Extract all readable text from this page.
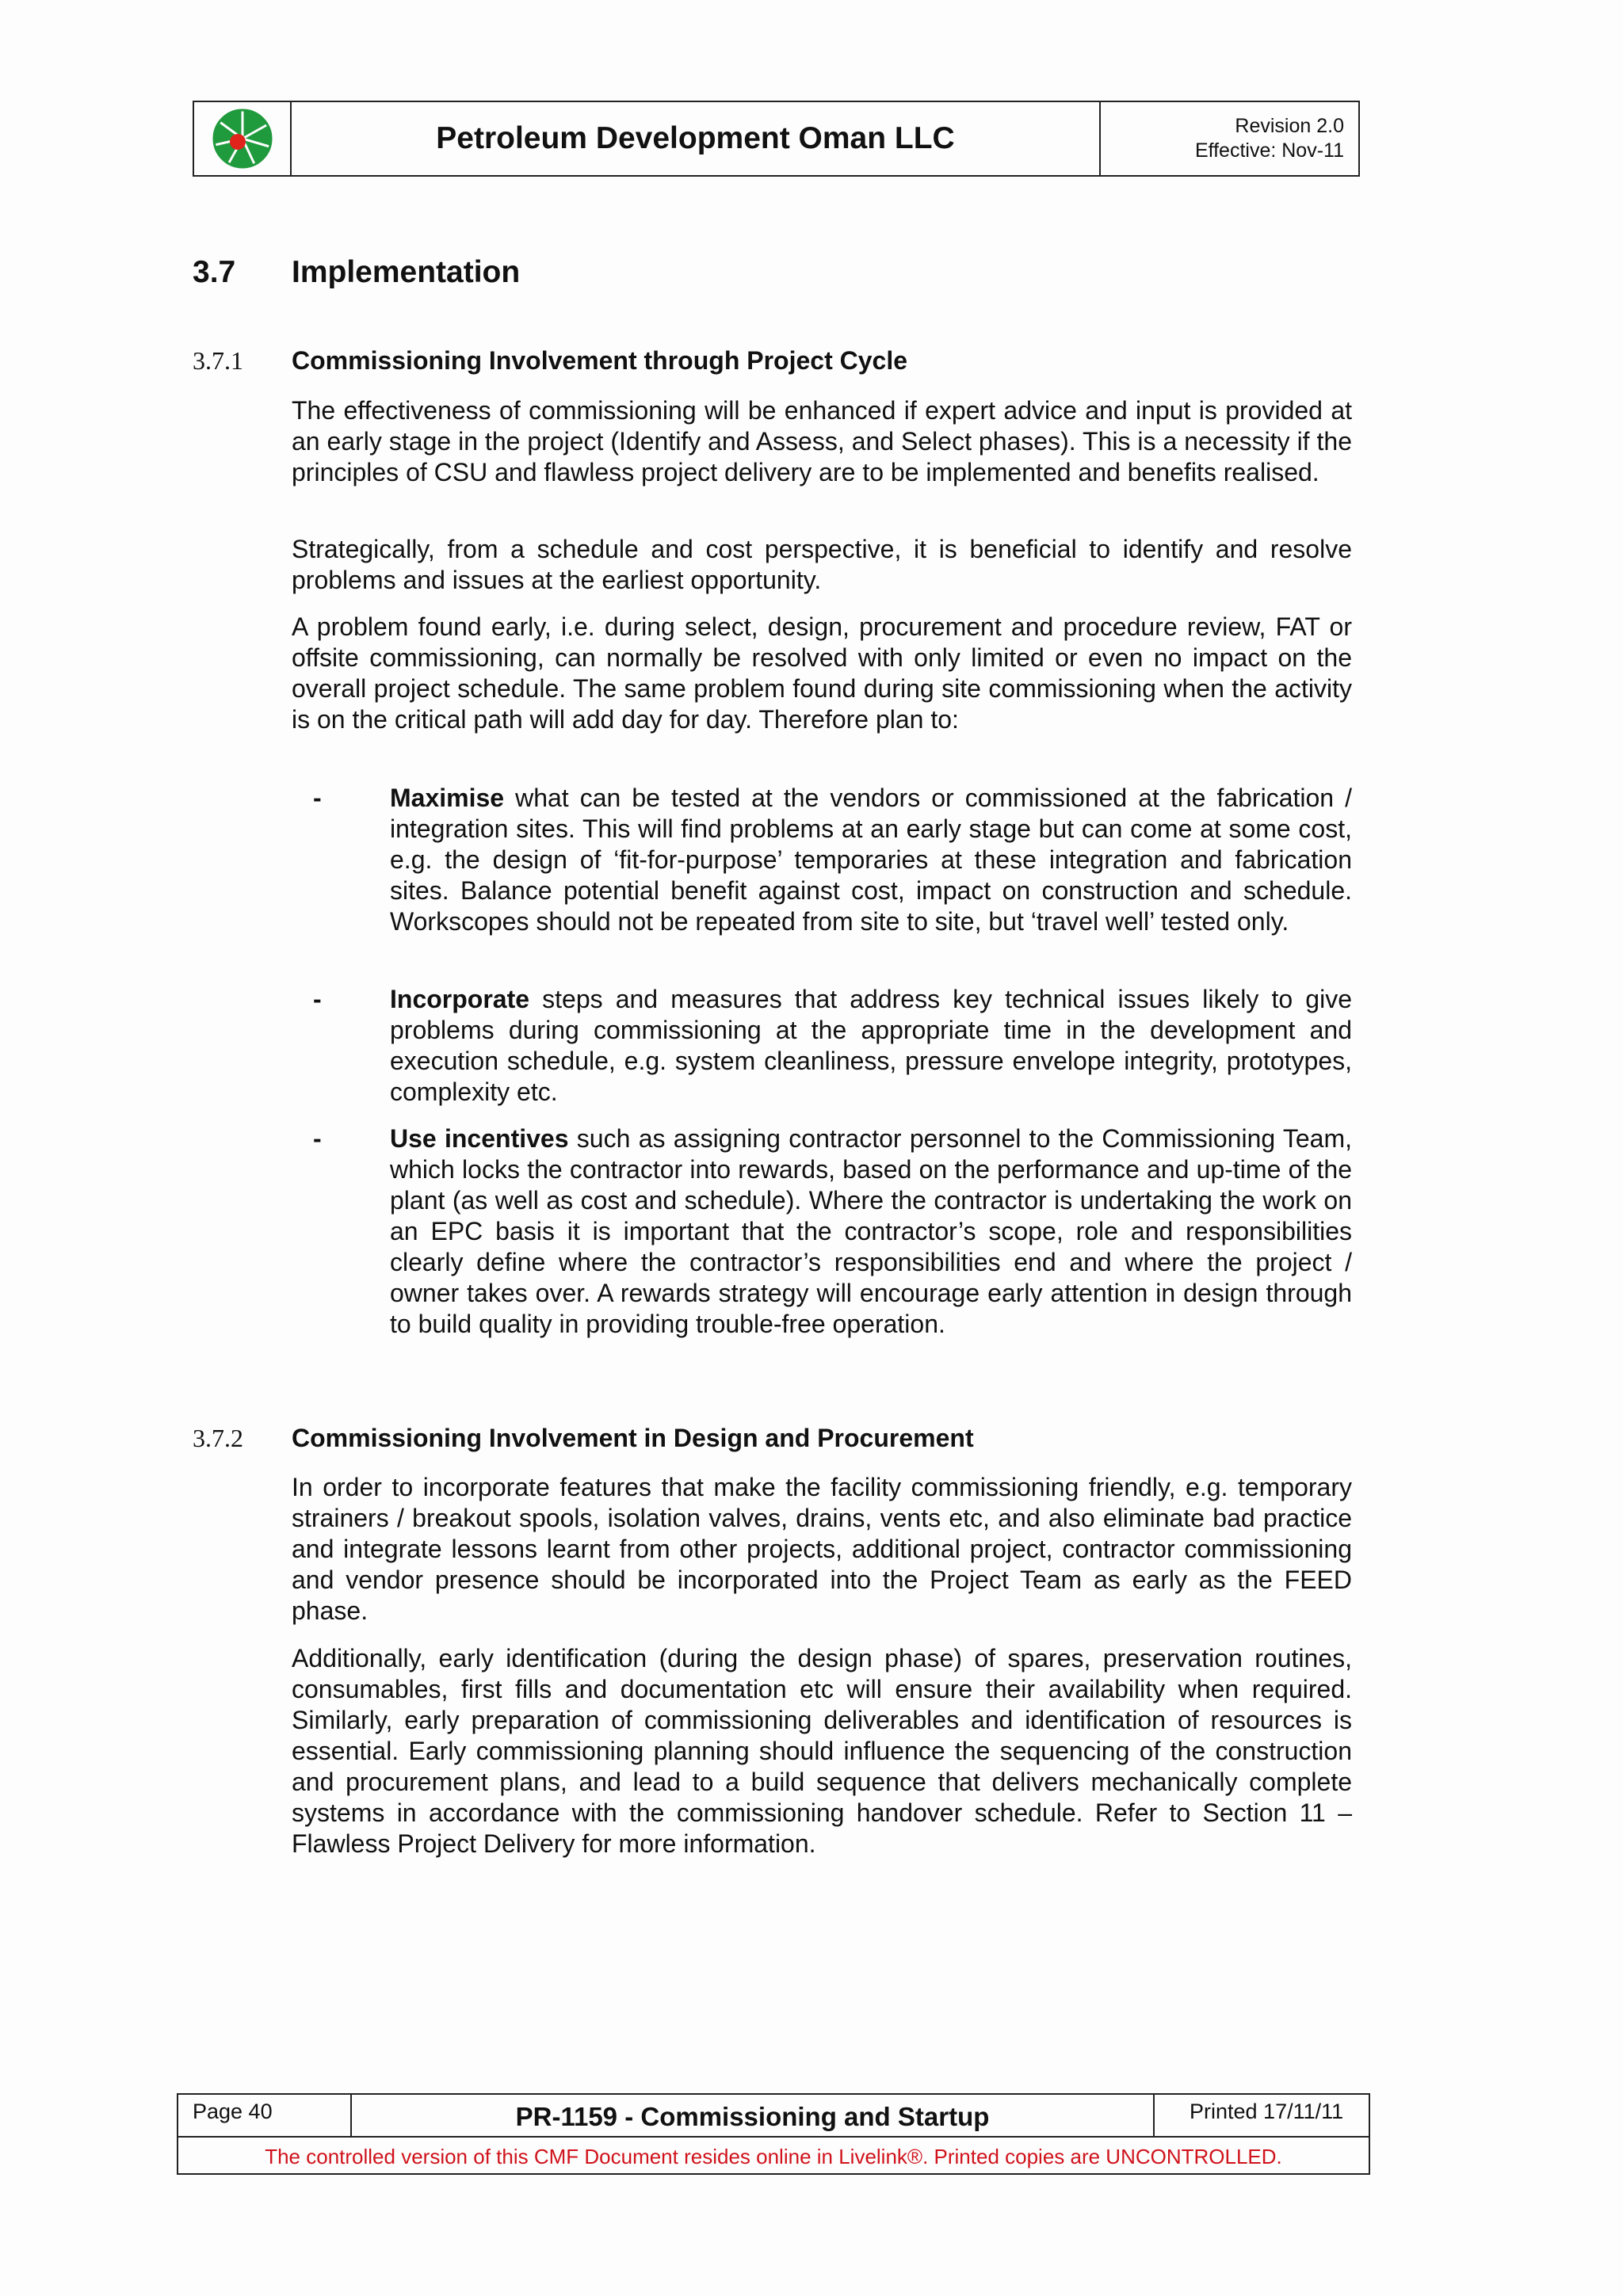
Petroleum Development Oman LLC	Revision 2.0
Effective: Nov-11
3.7 Implementation
3.7.1 Commissioning Involvement through Project Cycle

The effectiveness of commissioning will be enhanced if expert advice and input is provided at an early stage in the project (Identify and Assess, and Select phases). This is a necessity if the principles of CSU and flawless project delivery are to be implemented and benefits realised.

Strategically, from a schedule and cost perspective, it is beneficial to identify and resolve problems and issues at the earliest opportunity.

A problem found early, i.e. during select, design, procurement and procedure review, FAT or offsite commissioning, can normally be resolved with only limited or even no impact on the overall project schedule. The same problem found during site commissioning when the activity is on the critical path will add day for day. Therefore plan to:

-	Maximise what can be tested at the vendors or commissioned at the fabrication / integration sites. This will find problems at an early stage but can come at some cost, e.g. the design of ‘fit-for-purpose’ temporaries at these integration and fabrication sites. Balance potential benefit against cost, impact on construction and schedule. Workscopes should not be repeated from site to site, but ‘travel well’ tested only.
-	Incorporate steps and measures that address key technical issues likely to give problems during commissioning at the appropriate time in the development and execution schedule, e.g. system cleanliness, pressure envelope integrity, prototypes, complexity etc.
-	Use incentives such as assigning contractor personnel to the Commissioning Team, which locks the contractor into rewards, based on the performance and up-time of the plant (as well as cost and schedule). Where the contractor is undertaking the work on an EPC basis it is important that the contractor’s scope, role and responsibilities clearly define where the contractor’s responsibilities end and where the project / owner takes over. A rewards strategy will encourage early attention in design through to build quality in providing trouble-free operation.
3.7.2 Commissioning Involvement in Design and Procurement

In order to incorporate features that make the facility commissioning friendly, e.g. temporary strainers / breakout spools, isolation valves, drains, vents etc, and also eliminate bad practice and integrate lessons learnt from other projects, additional project, contractor commissioning and vendor presence should be incorporated into the Project Team as early as the FEED phase.

Additionally, early identification (during the design phase) of spares, preservation routines, consumables, first fills and documentation etc will ensure their availability when required. Similarly, early preparation of commissioning deliverables and identification of resources is essential. Early commissioning planning should influence the sequencing of the construction and procurement plans, and lead to a build sequence that delivers mechanically complete systems in accordance with the commissioning handover schedule. Refer to Section 11 – Flawless Project Delivery for more information.

Page 40	PR-1159 - Commissioning and Startup	Printed 17/11/11
The controlled version of this CMF Document resides online in Livelink®. Printed copies are UNCONTROLLED.
